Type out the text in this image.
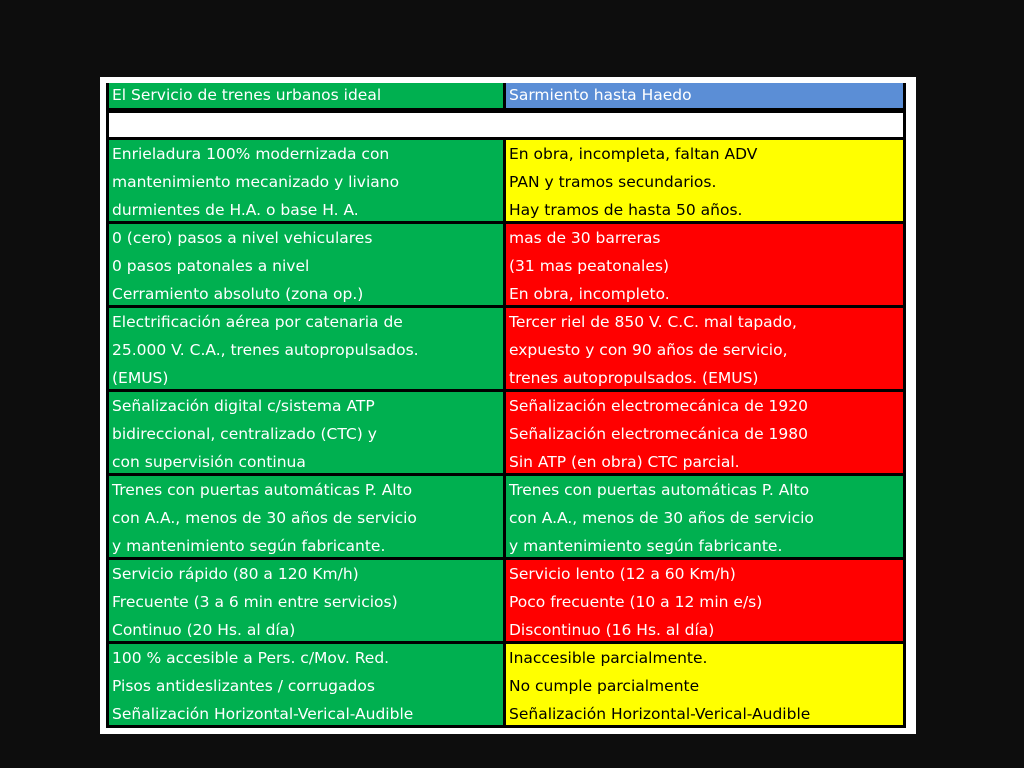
El Servicio de trenes urbanos ideal	Sarmiento hasta Haedo
Enrieladura 100% modernizada con
mantenimiento mecanizado y liviano
durmientes de H.A. o base H. A.
En obra, incompleta, faltan ADV
PAN y tramos secundarios.
Hay tramos de hasta 50 años.
0 (cero) pasos a nivel vehiculares
0 pasos patonales a nivel
Cerramiento absoluto (zona op.)
mas de 30 barreras
(31 mas peatonales)
En obra, incompleto.
Electrificación aérea por catenaria de
25.000 V. C.A., trenes autopropulsados.
(EMUS)
Tercer riel de 850 V. C.C. mal tapado,
expuesto y con 90 años de servicio,
trenes autopropulsados. (EMUS)
Señalización digital c/sistema ATP
bidireccional, centralizado (CTC) y
con supervisión continua
Señalización electromecánica de 1920
Señalización electromecánica de 1980
Sin ATP (en obra) CTC parcial.
Trenes con puertas automáticas P. Alto
con A.A., menos de 30 años de servicio
y mantenimiento según fabricante.
Trenes con puertas automáticas P. Alto
con A.A., menos de 30 años de servicio
y mantenimiento según fabricante.
Servicio rápido (80 a 120 Km/h)
Frecuente (3 a 6 min entre servicios)
Continuo (20 Hs. al día)
Servicio lento (12 a 60 Km/h)
Poco frecuente (10 a 12 min e/s)
Discontinuo (16 Hs. al día)
100 % accesible a Pers. c/Mov. Red.
Pisos antideslizantes / corrugados
Señalización Horizontal-Verical-Audible
Inaccesible parcialmente.
No cumple parcialmente
Señalización Horizontal-Verical-Audible
